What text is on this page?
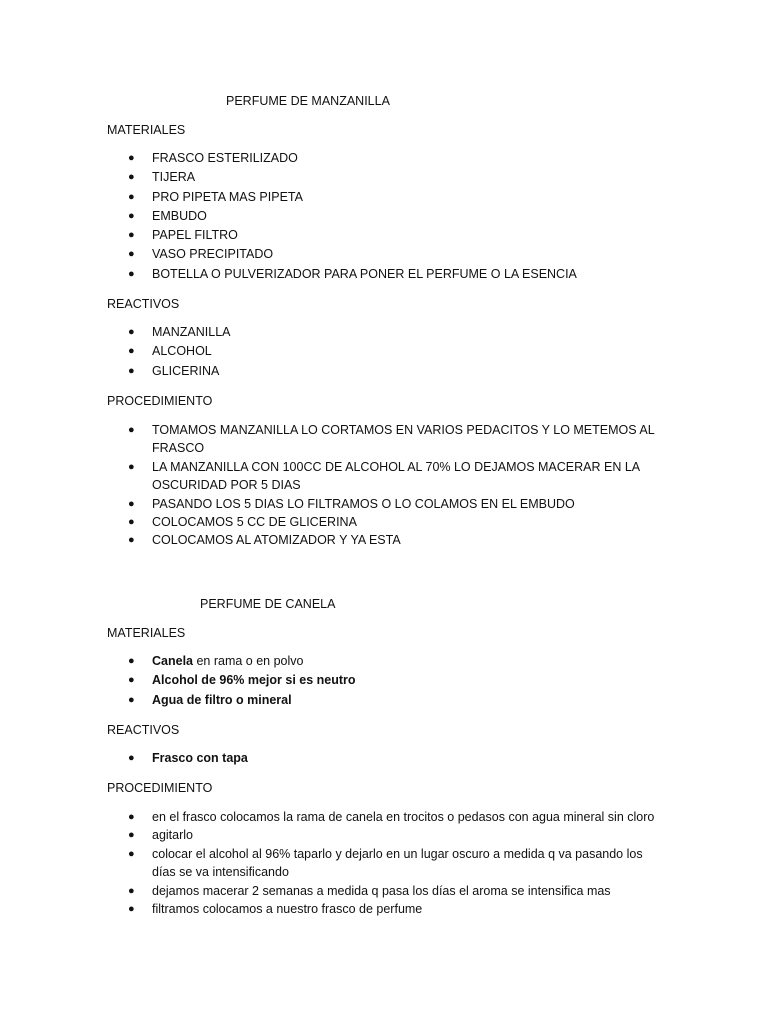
PERFUME DE MANZANILLA
MATERIALES
● FRASCO ESTERILIZADO
● TIJERA
● PRO PIPETA MAS PIPETA
● EMBUDO
● PAPEL FILTRO
● VASO PRECIPITADO
● BOTELLA O PULVERIZADOR PARA PONER EL PERFUME O LA ESENCIA
REACTIVOS
● MANZANILLA
● ALCOHOL
● GLICERINA
PROCEDIMIENTO
● TOMAMOS MANZANILLA LO CORTAMOS EN VARIOS PEDACITOS Y LO METEMOS AL FRASCO
● LA MANZANILLA CON 100CC DE ALCOHOL AL 70% LO DEJAMOS MACERAR EN LA OSCURIDAD POR 5 DIAS
● PASANDO LOS 5 DIAS LO FILTRAMOS O LO COLAMOS EN EL EMBUDO
● COLOCAMOS 5 CC DE GLICERINA
● COLOCAMOS AL ATOMIZADOR Y YA ESTA
PERFUME DE CANELA
MATERIALES
● Canela en rama o en polvo
● Alcohol de 96% mejor si es neutro
● Agua de filtro o mineral
REACTIVOS
● Frasco con tapa
PROCEDIMIENTO
● en el frasco colocamos la rama de canela en trocitos o pedasos con agua mineral sin cloro
● agitarlo
● colocar el alcohol al 96% taparlo y dejarlo en un lugar oscuro a medida q va pasando los días se va intensificando
● dejamos macerar 2 semanas a medida q pasa los días el aroma se intensifica mas
● filtramos colocamos a nuestro frasco de perfume
